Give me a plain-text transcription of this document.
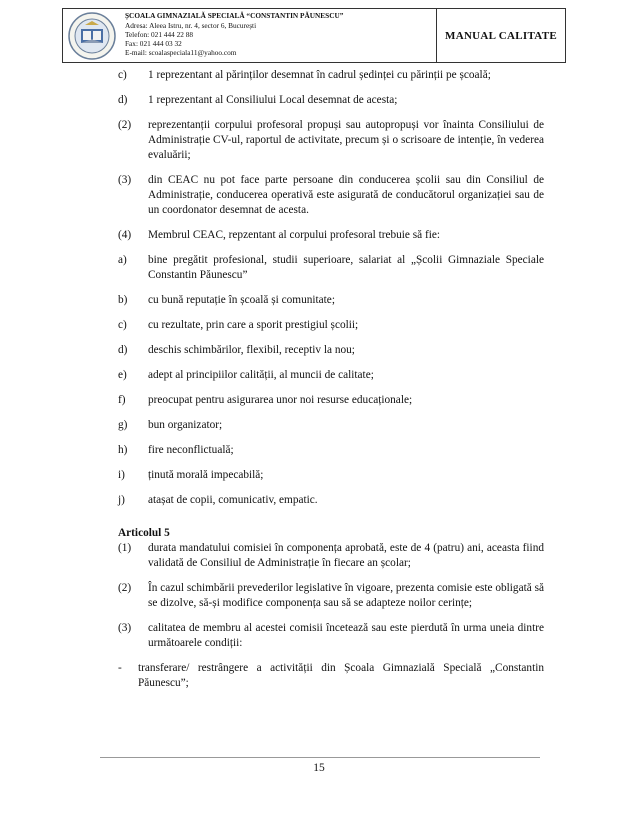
ȘCOALA GIMNAZIALĂ SPECIALĂ “CONSTANTIN PĂUNESCU”
Adresa: Aleea Istru, nr. 4, sector 6, București
Telefon: 021 444 22 88
Fax: 021 444 03 32
E-mail: scoalaspeciala11@yahoo.com
MANUAL CALITATE
c) 1 reprezentant al părinților desemnat în cadrul ședinței cu părinții pe școală;
d) 1 reprezentant al Consiliului Local desemnat de acesta;
(2) reprezentanții corpului profesoral propuși sau autopropuși vor înainta Consiliului de Administrație CV-ul, raportul de activitate, precum și o scrisoare de intenție, în vederea evaluării;
(3) din CEAC nu pot face parte persoane din conducerea școlii sau din Consiliul de Administrație, conducerea operativă este asigurată de conducătorul organizației sau de un coordonator desemnat de acesta.
(4) Membrul CEAC, repzentant al corpului profesoral trebuie să fie:
a) bine pregătit profesional, studii superioare, salariat al „Școlii Gimnaziale Speciale Constantin Păunescu”
b) cu bună reputație în școală și comunitate;
c) cu rezultate, prin care a sporit prestigiul școlii;
d) deschis schimbărilor, flexibil, receptiv la nou;
e) adept al principiilor calității, al muncii de calitate;
f) preocupat pentru asigurarea unor noi resurse educaționale;
g) bun organizator;
h) fire neconflictuală;
i) ținută morală impecabilă;
j) atașat de copii, comunicativ, empatic.
Articolul 5
(1) durata mandatului comisiei în componența aprobată, este de 4 (patru) ani, aceasta fiind validată de Consiliul de Administrație în fiecare an școlar;
(2) În cazul schimbării prevederilor legislative în vigoare, prezenta comisie este obligată să se dizolve, să-și modifice componența sau să se adapteze noilor cerințe;
(3) calitatea de membru al acestei comisii încetează sau este pierdută în urma uneia dintre următoarele condiții:
- transferare/ restrângere a activității din Școala Gimnazială Specială „Constantin Păunescu”;
15
